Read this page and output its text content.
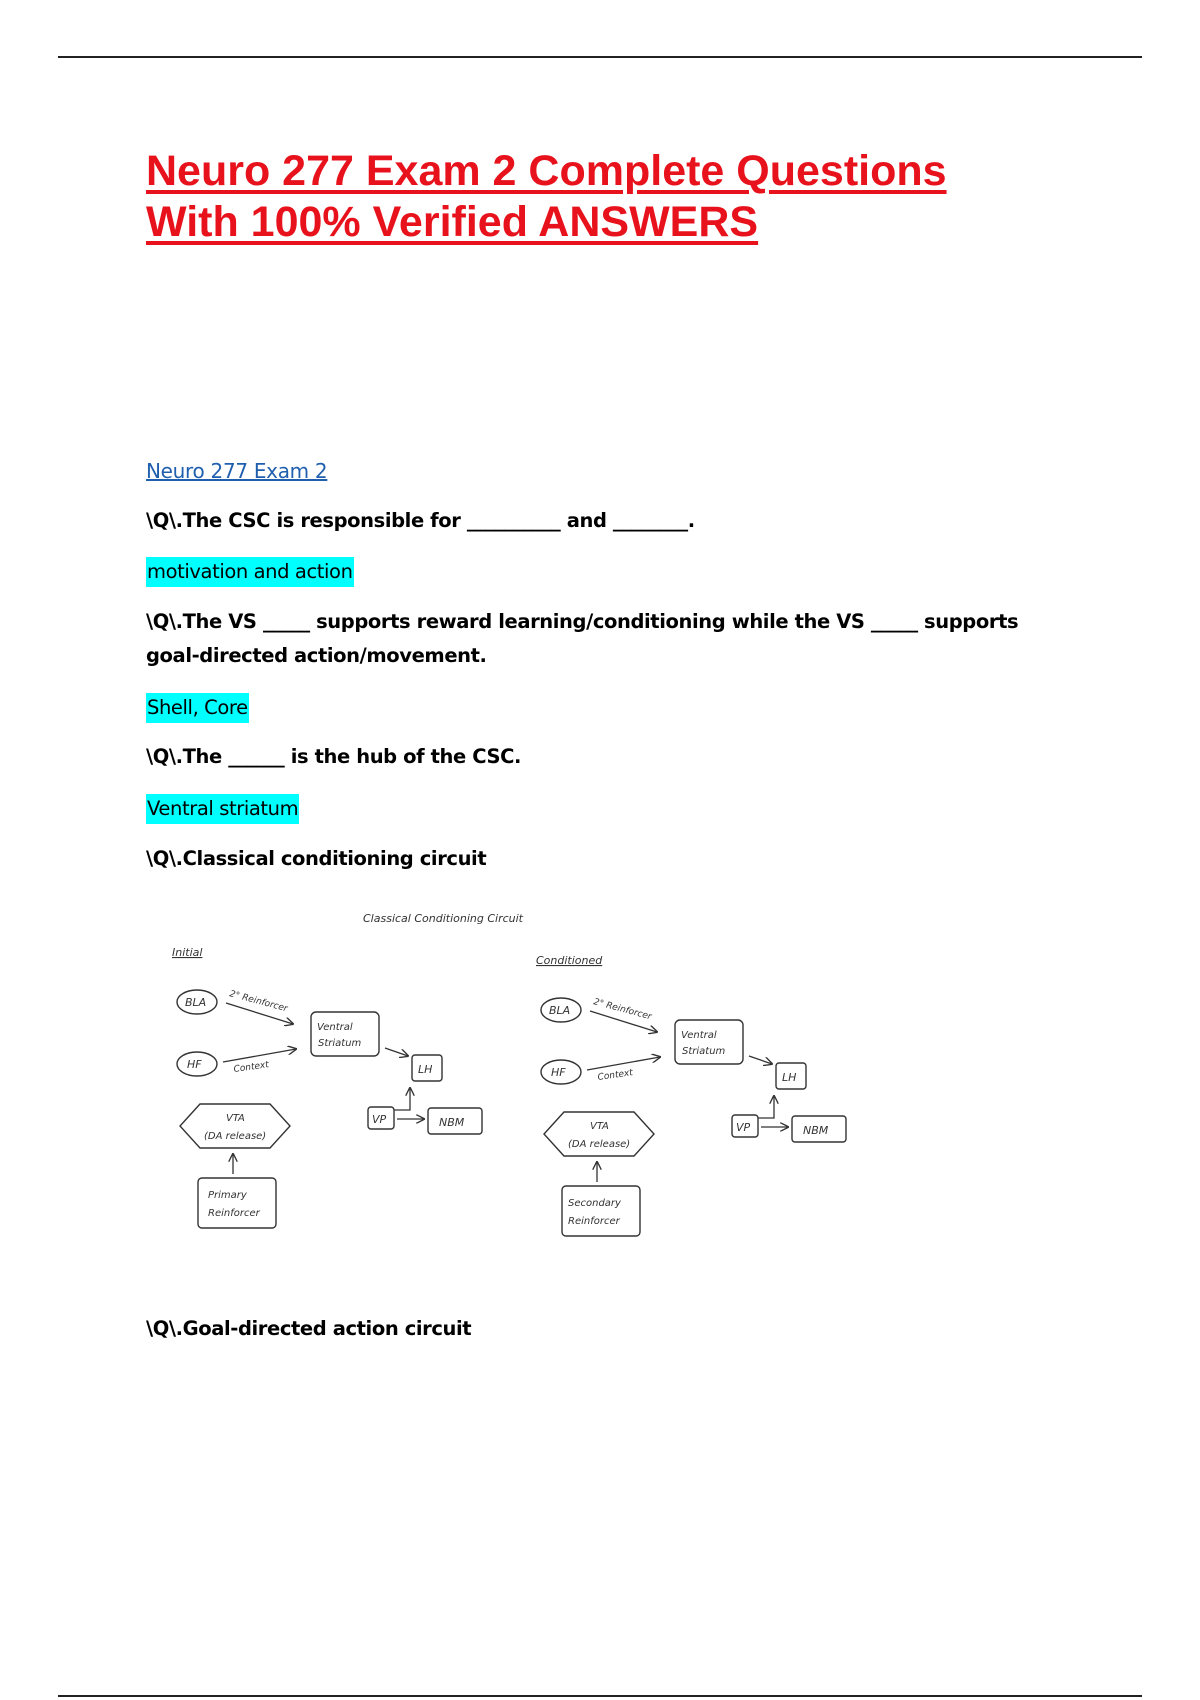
Neuro 277 Exam 2 Complete Questions With 100% Verified ANSWERS

Neuro 277 Exam 2

\Q\.The CSC is responsible for __________ and ________.

motivation and action

\Q\.The VS _____ supports reward learning/conditioning while the VS _____ supports goal-directed action/movement.

Shell, Core

\Q\.The ______ is the hub of the CSC.

Ventral striatum

\Q\.Classical conditioning circuit

Classical Conditioning Circuit
Initial
BLA
HF
2° Reinforcer
Context
Ventral
Striatum
LH
VP	NBM
VTA
(DA release)
Primary
Reinforcer
Conditioned
BLA
HF
2° Reinforcer
Context
Ventral
Striatum
LH
VP	NBM
VTA
(DA release)
Secondary
Reinforcer

\Q\.Goal-directed action circuit
